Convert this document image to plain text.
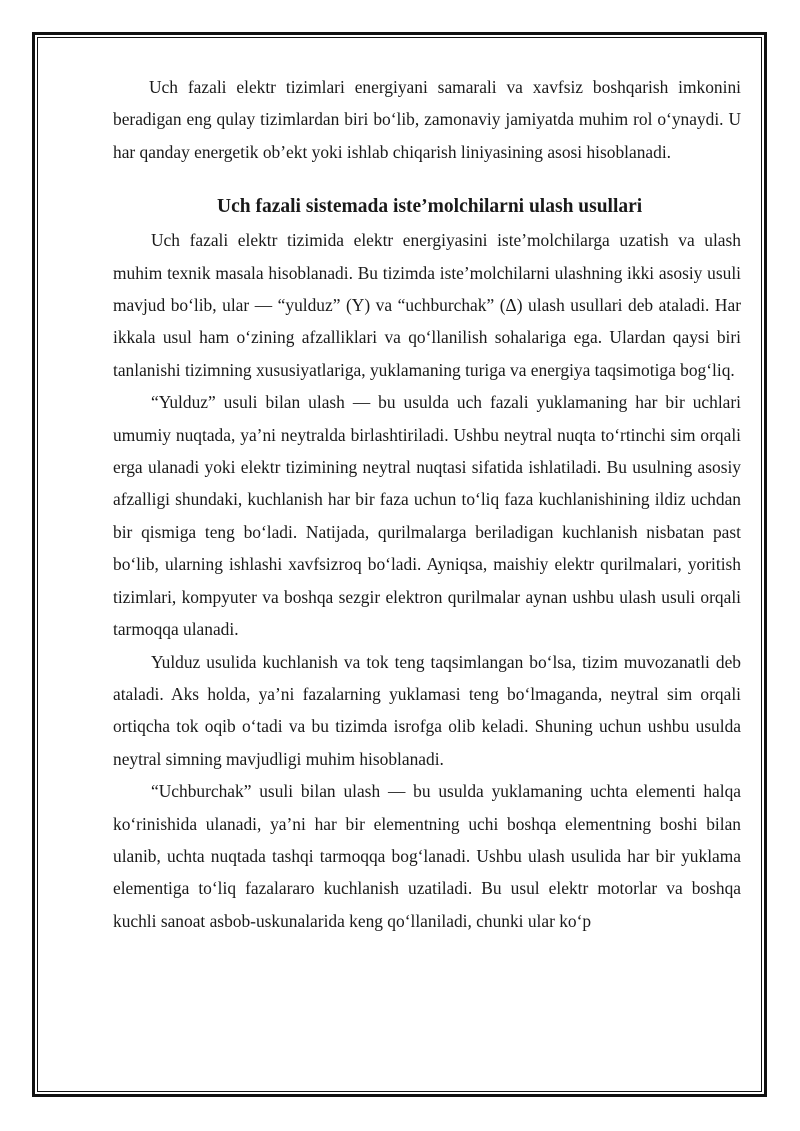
Uch fazali elektr tizimlari energiyani samarali va xavfsiz boshqarish imkonini beradigan eng qulay tizimlardan biri bo‘lib, zamonaviy jamiyatda muhim rol o‘ynaydi. U har qanday energetik ob’ekt yoki ishlab chiqarish liniyasining asosi hisoblanadi.

Uch fazali sistemada iste’molchilarni ulash usullari

Uch fazali elektr tizimida elektr energiyasini iste’molchilarga uzatish va ulash muhim texnik masala hisoblanadi. Bu tizimda iste’molchilarni ulashning ikki asosiy usuli mavjud bo‘lib, ular — “yulduz” (Y) va “uchburchak” (Δ) ulash usullari deb ataladi. Har ikkala usul ham o‘zining afzalliklari va qo‘llanilish sohalariga ega. Ulardan qaysi biri tanlanishi tizimning xususiyatlariga, yuklamaning turiga va energiya taqsimotiga bog‘liq.

“Yulduz” usuli bilan ulash — bu usulda uch fazali yuklamaning har bir uchlari umumiy nuqtada, ya’ni neytralda birlashtiriladi. Ushbu neytral nuqta to‘rtinchi sim orqali erga ulanadi yoki elektr tizimining neytral nuqtasi sifatida ishlatiladi. Bu usulning asosiy afzalligi shundaki, kuchlanish har bir faza uchun to‘liq faza kuchlanishining ildiz uchdan bir qismiga teng bo‘ladi. Natijada, qurilmalarga beriladigan kuchlanish nisbatan past bo‘lib, ularning ishlashi xavfsizroq bo‘ladi. Ayniqsa, maishiy elektr qurilmalari, yoritish tizimlari, kompyuter va boshqa sezgir elektron qurilmalar aynan ushbu ulash usuli orqali tarmoqqa ulanadi.

Yulduz usulida kuchlanish va tok teng taqsimlangan bo‘lsa, tizim muvozanatli deb ataladi. Aks holda, ya’ni fazalarning yuklamasi teng bo‘lmaganda, neytral sim orqali ortiqcha tok oqib o‘tadi va bu tizimda isrofga olib keladi. Shuning uchun ushbu usulda neytral simning mavjudligi muhim hisoblanadi.

“Uchburchak” usuli bilan ulash — bu usulda yuklamaning uchta elementi halqa ko‘rinishida ulanadi, ya’ni har bir elementning uchi boshqa elementning boshi bilan ulanib, uchta nuqtada tashqi tarmoqqa bog‘lanadi. Ushbu ulash usulida har bir yuklama elementiga to‘liq fazalararo kuchlanish uzatiladi. Bu usul elektr motorlar va boshqa kuchli sanoat asbob-uskunalarida keng qo‘llaniladi, chunki ular ko‘p
